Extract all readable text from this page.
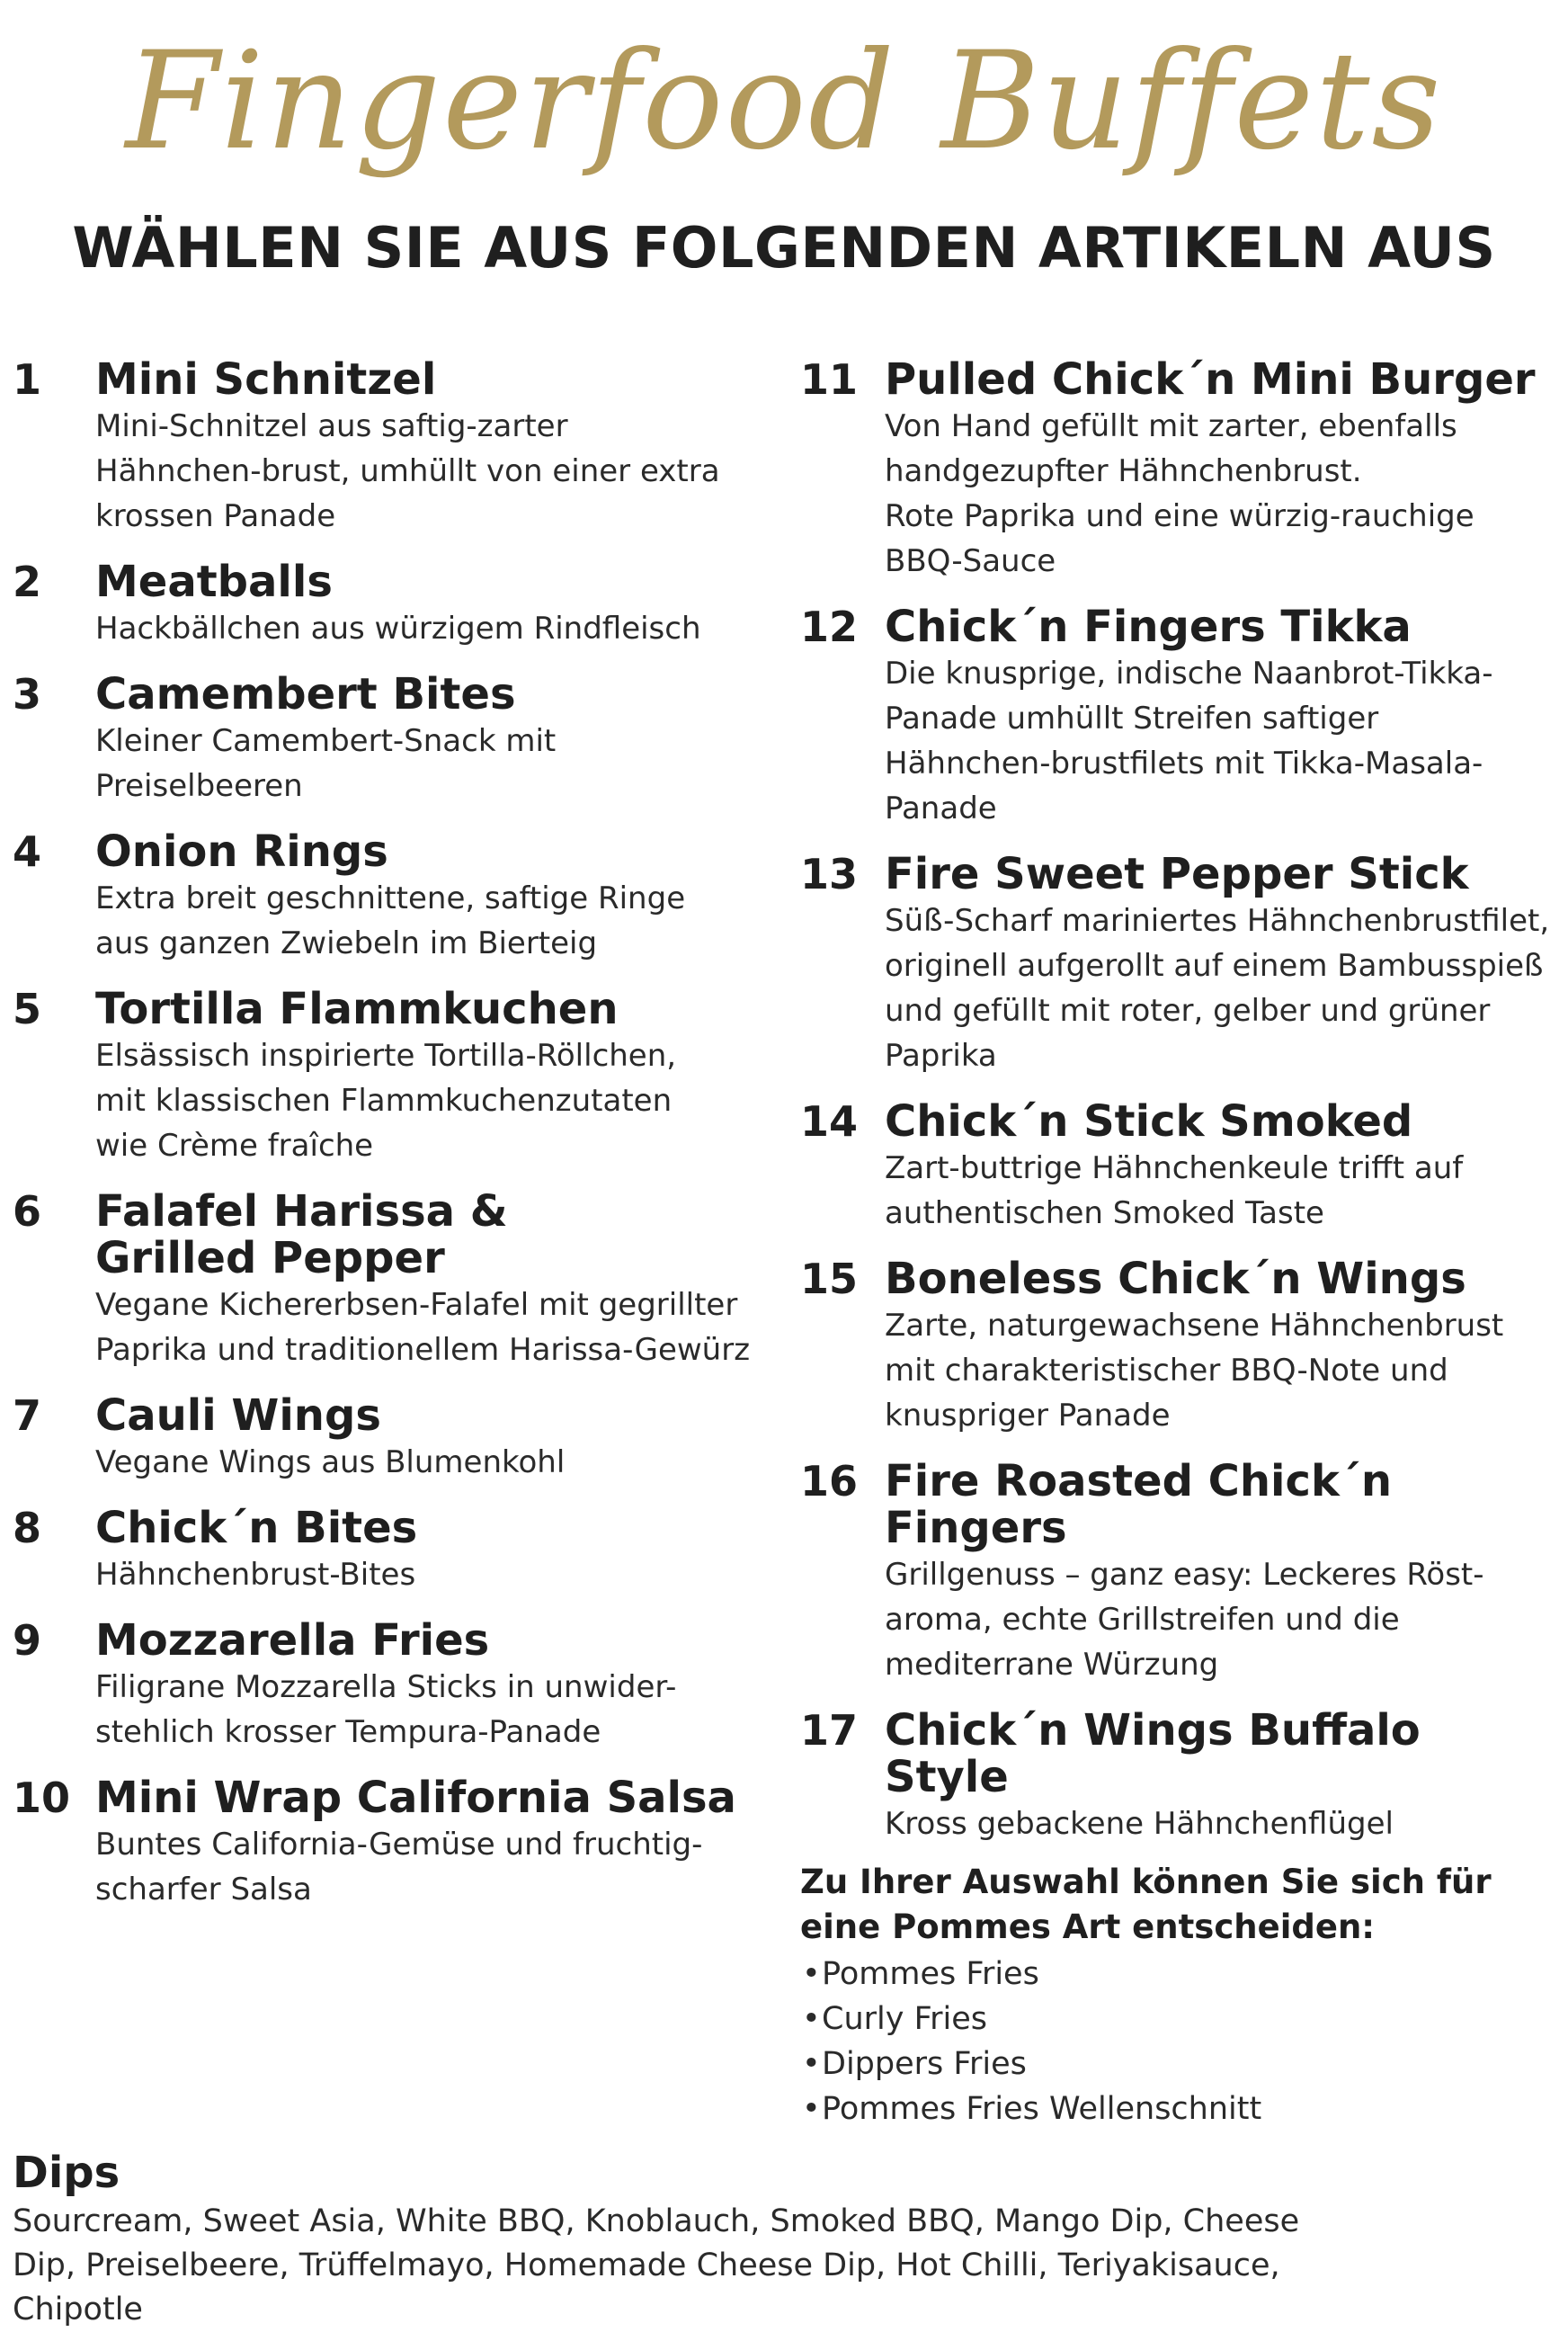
Fingerfood Buffets
WÄHLEN SIE AUS FOLGENDEN ARTIKELN AUS
1	Mini Schnitzel
Mini-Schnitzel aus saftig-zarter Hähnchen-brust, umhüllt von einer extra krossen Panade
2	Meatballs
Hackbällchen aus würzigem Rindfleisch
3	Camembert Bites
Kleiner Camembert-Snack mit Preiselbeeren
4	Onion Rings
Extra breit geschnittene, saftige Ringe aus ganzen Zwiebeln im Bierteig
5	Tortilla Flammkuchen
Elsässisch inspirierte Tortilla-Röllchen, mit klassischen Flammkuchenzutaten wie Crème fraîche
6	Falafel Harissa & Grilled Pepper
Vegane Kichererbsen-Falafel mit gegrillter Paprika und traditionellem Harissa-Gewürz
7	Cauli Wings
Vegane Wings aus Blumenkohl
8	Chick´n Bites
Hähnchenbrust-Bites
9	Mozzarella Fries
Filigrane Mozzarella Sticks in unwider-stehlich krosser Tempura-Panade
10 Mini Wrap California Salsa
Buntes California-Gemüse und fruchtig-scharfer Salsa
11 Pulled Chick´n Mini Burger
Von Hand gefüllt mit zarter, ebenfalls handgezupfter Hähnchenbrust.
Rote Paprika und eine würzig-rauchige BBQ-Sauce
12 Chick´n Fingers Tikka
Die knusprige, indische Naanbrot-Tikka-Panade umhüllt Streifen saftiger Hähnchen-brustfilets mit Tikka-Masala-Panade
13 Fire Sweet Pepper Stick
Süß-Scharf mariniertes Hähnchenbrustfilet, originell aufgerollt auf einem Bambusspieß und gefüllt mit roter, gelber und grüner Paprika
14 Chick´n Stick Smoked
Zart-buttrige Hähnchenkeule trifft auf authentischen Smoked Taste
15 Boneless Chick´n Wings
Zarte, naturgewachsene Hähnchenbrust mit charakteristischer BBQ-Note und knuspriger Panade
16 Fire Roasted Chick´n Fingers
Grillgenuss – ganz easy: Leckeres Röst-aroma, echte Grillstreifen und die mediterrane Würzung
17 Chick´n Wings Buffalo Style
Kross gebackene Hähnchenflügel
Zu Ihrer Auswahl können Sie sich für
eine Pommes Art entscheiden:
• Pommes Fries
• Curly Fries
• Dippers Fries
• Pommes Fries Wellenschnitt
Dips
Sourcream, Sweet Asia, White BBQ, Knoblauch, Smoked BBQ, Mango Dip, Cheese Dip, Preiselbeere, Trüffelmayo, Homemade Cheese Dip, Hot Chilli, Teriyakisauce, Chipotle
